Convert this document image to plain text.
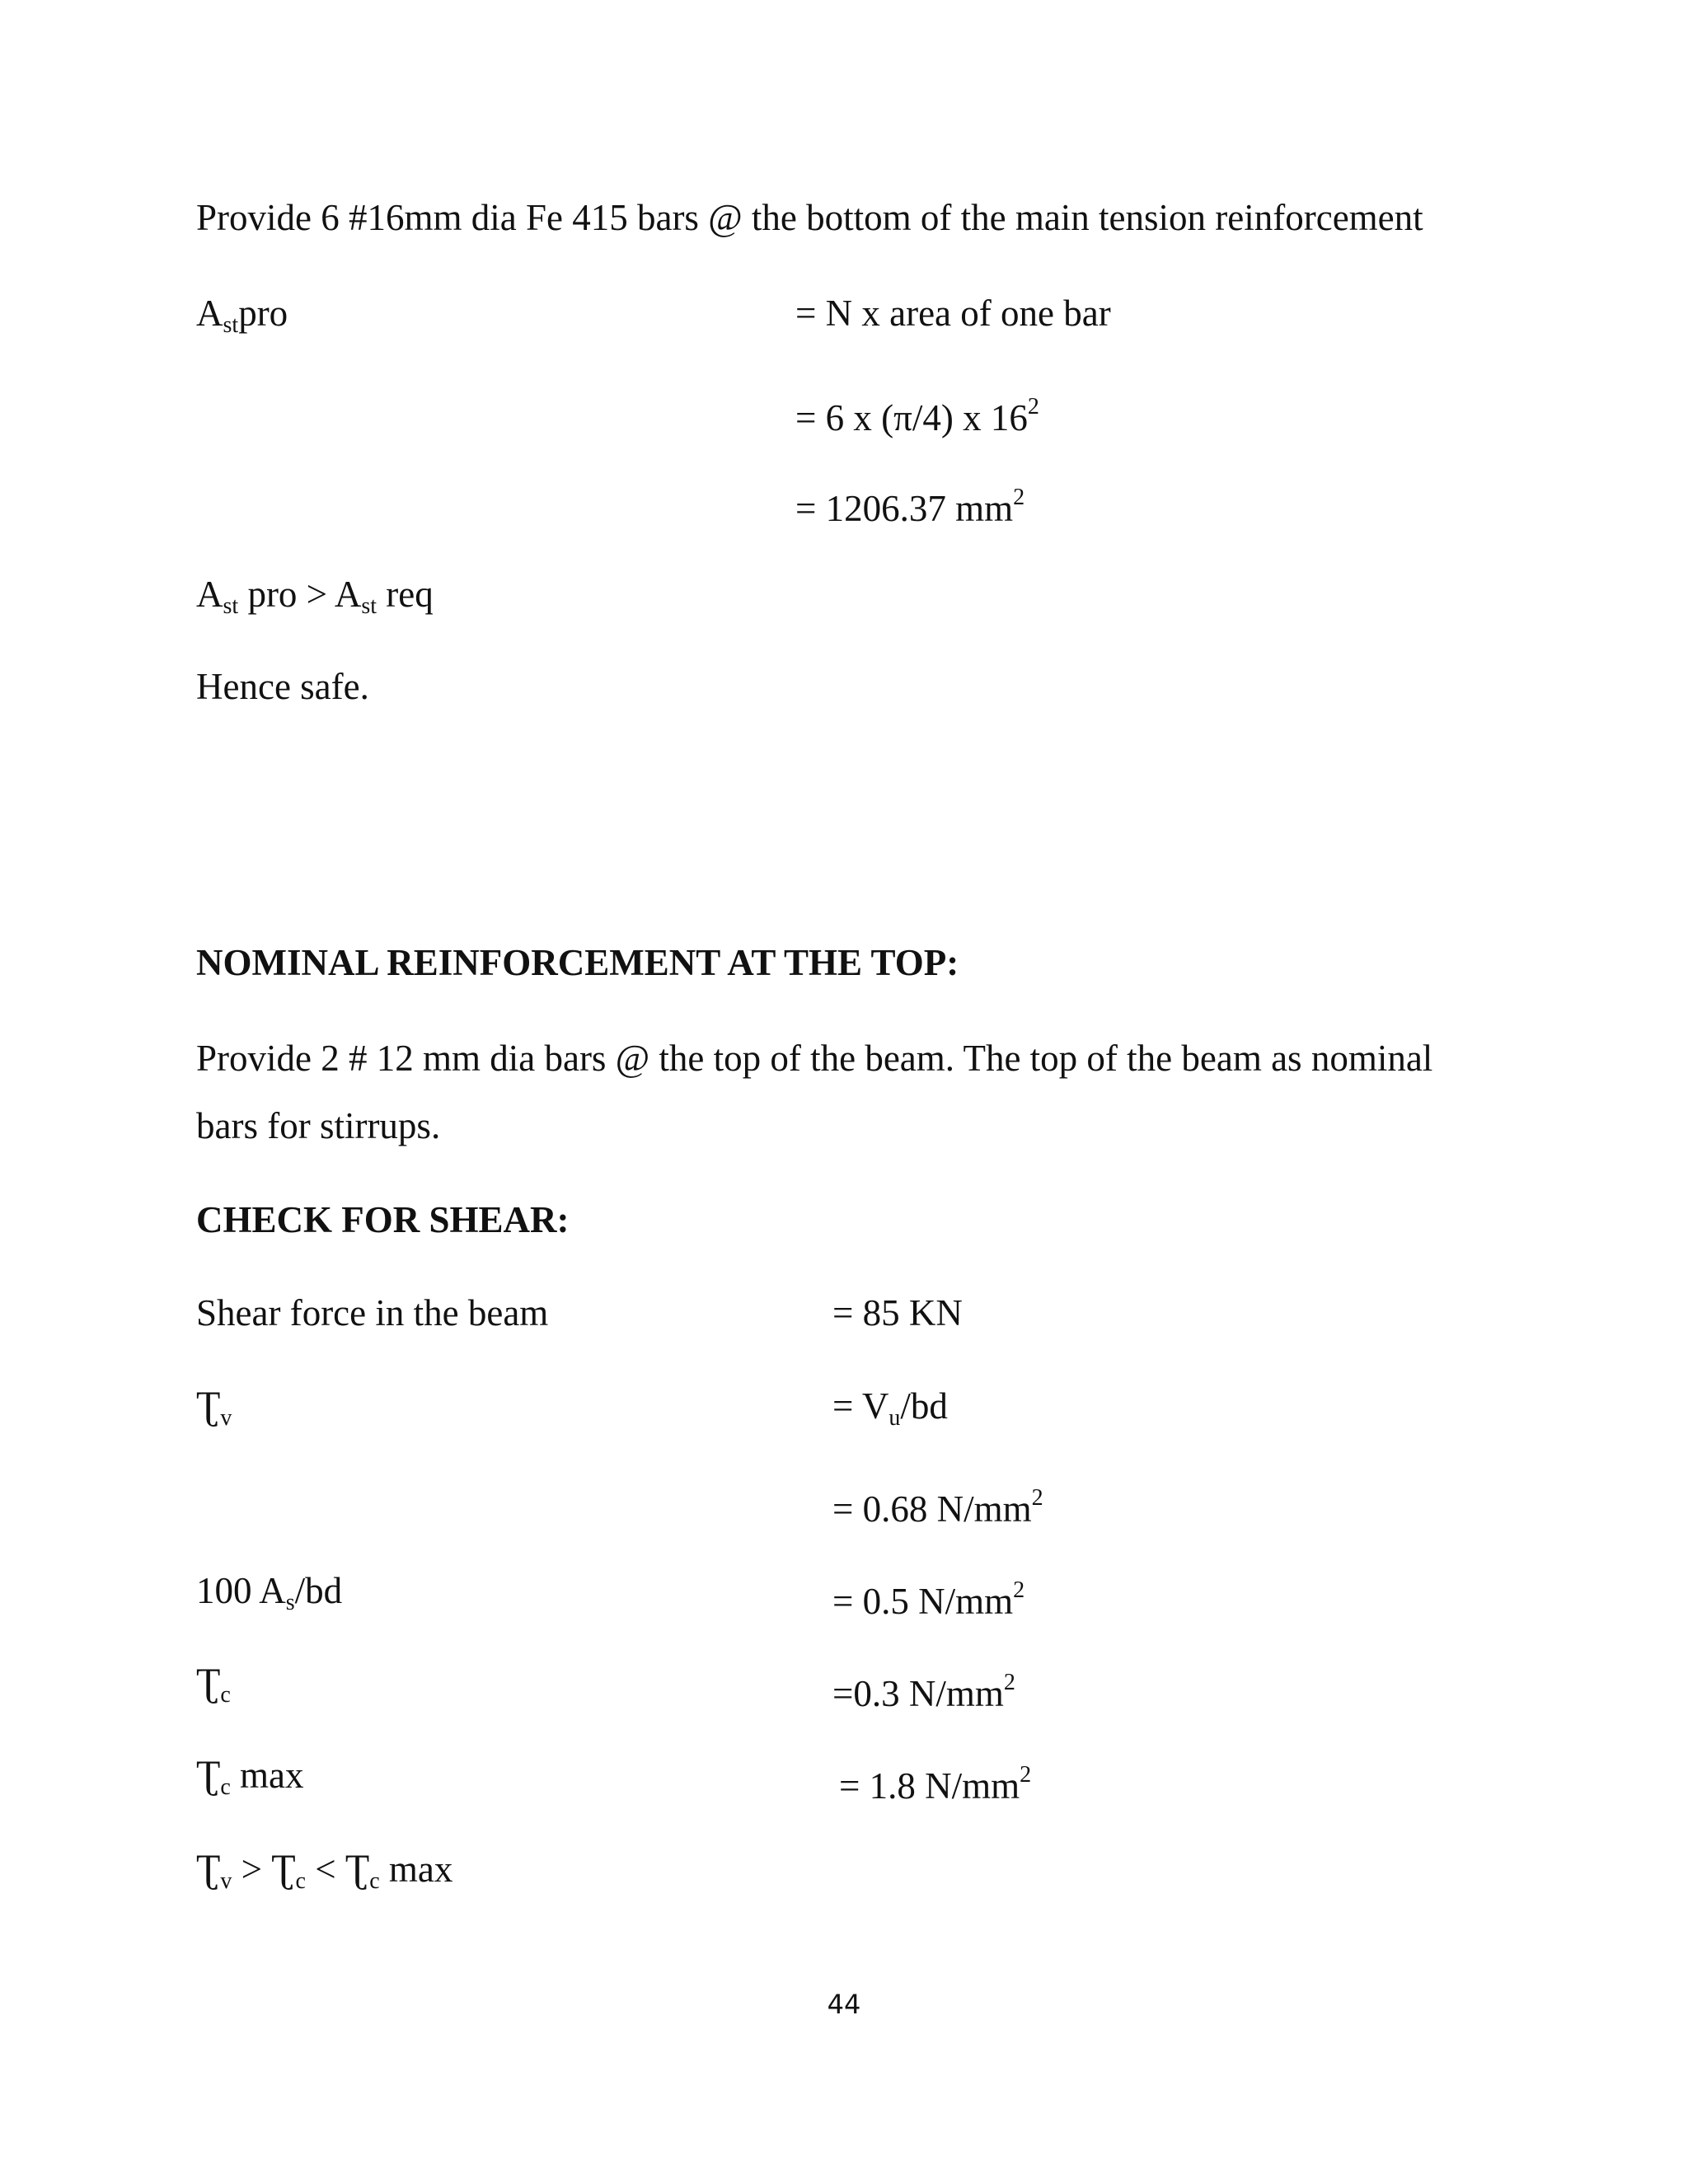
Provide 6 #16mm dia Fe 415 bars @ the bottom of the main tension reinforcement
$A_{st}pro$	= N x area of one bar
= 6 x (π/4) x $16^2$
= 1206.37 $mm^2$
$A_{st}$ pro > $A_{st}$ req
Hence safe.
NOMINAL REINFORCEMENT AT THE TOP:
Provide 2 # 12 mm dia bars @ the top of the beam. The top of the beam as nominal
bars for stirrups.
CHECK FOR SHEAR:
Shear force in the beam	= 85 KN
$Ʈ_v$	= $V_u/bd$
= 0.68 $N/mm^2$
100 $A_s/bd$	= 0.5 $N/mm^2$
$Ʈ_c$	=0.3 $N/mm^2$
$Ʈ_c$ max	= 1.8 $N/mm^2$
$Ʈ_v$ > $Ʈ_c$ < $Ʈ_c$ max
44
